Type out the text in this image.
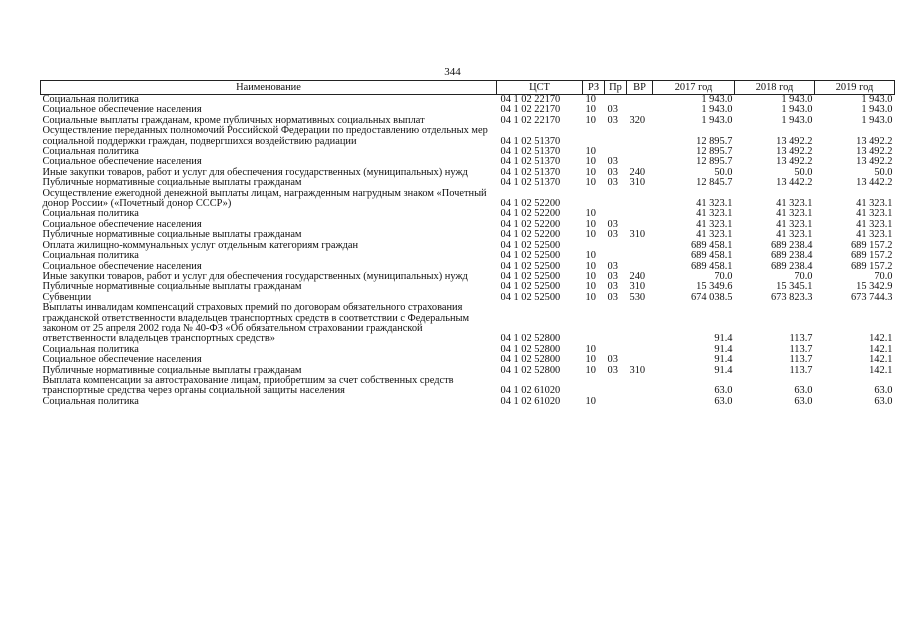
344
Наименование	ЦСТ	РЗ	Пр	ВР	2017 год	2018 год	2019 год
Социальная политика	04 1 02 22170	10			1 943.0	1 943.0	1 943.0
Социальное обеспечение населения	04 1 02 22170	10	03		1 943.0	1 943.0	1 943.0
Социальные выплаты гражданам, кроме публичных нормативных социальных выплат	04 1 02 22170	10	03	320	1 943.0	1 943.0	1 943.0
Осуществление переданных полномочий Российской Федерации по предоставлению отдельных мер социальной поддержки граждан, подвергшихся воздействию радиации	04 1 02 51370				12 895.7	13 492.2	13 492.2
Социальная политика	04 1 02 51370	10			12 895.7	13 492.2	13 492.2
Социальное обеспечение населения	04 1 02 51370	10	03		12 895.7	13 492.2	13 492.2
Иные закупки товаров, работ и услуг для обеспечения государственных (муниципальных) нужд	04 1 02 51370	10	03	240	50.0	50.0	50.0
Публичные нормативные социальные выплаты гражданам	04 1 02 51370	10	03	310	12 845.7	13 442.2	13 442.2
Осуществление ежегодной денежной выплаты лицам, награжденным нагрудным знаком «Почетный донор России» («Почетный донор СССР»)	04 1 02 52200				41 323.1	41 323.1	41 323.1
Социальная политика	04 1 02 52200	10			41 323.1	41 323.1	41 323.1
Социальное обеспечение населения	04 1 02 52200	10	03		41 323.1	41 323.1	41 323.1
Публичные нормативные социальные выплаты гражданам	04 1 02 52200	10	03	310	41 323.1	41 323.1	41 323.1
Оплата жилищно-коммунальных услуг отдельным категориям граждан	04 1 02 52500				689 458.1	689 238.4	689 157.2
Социальная политика	04 1 02 52500	10			689 458.1	689 238.4	689 157.2
Социальное обеспечение населения	04 1 02 52500	10	03		689 458.1	689 238.4	689 157.2
Иные закупки товаров, работ и услуг для обеспечения государственных (муниципальных) нужд	04 1 02 52500	10	03	240	70.0	70.0	70.0
Публичные нормативные социальные выплаты гражданам	04 1 02 52500	10	03	310	15 349.6	15 345.1	15 342.9
Субвенции	04 1 02 52500	10	03	530	674 038.5	673 823.3	673 744.3
Выплаты инвалидам компенсаций страховых премий по договорам обязательного страхования гражданской ответственности владельцев транспортных средств в соответствии с Федеральным законом от 25 апреля 2002 года № 40-ФЗ «Об обязательном страховании гражданской ответственности владельцев транспортных средств»	04 1 02 52800				91.4	113.7	142.1
Социальная политика	04 1 02 52800	10			91.4	113.7	142.1
Социальное обеспечение населения	04 1 02 52800	10	03		91.4	113.7	142.1
Публичные нормативные социальные выплаты гражданам	04 1 02 52800	10	03	310	91.4	113.7	142.1
Выплата компенсации за автострахование лицам, приобретшим за счет собственных средств транспортные средства через органы социальной защиты населения	04 1 02 61020				63.0	63.0	63.0
Социальная политика	04 1 02 61020	10			63.0	63.0	63.0
